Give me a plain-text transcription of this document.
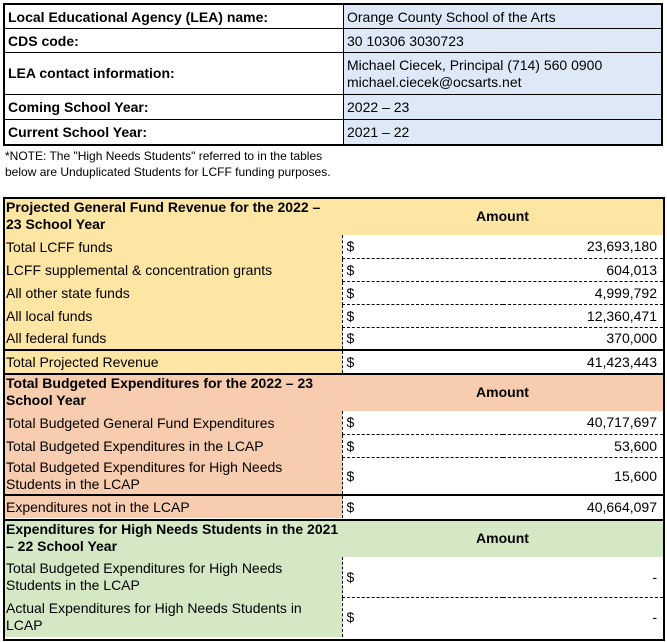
Local Educational Agency (LEA) name:	Orange County School of the Arts
CDS code:	30 10306 3030723
LEA contact information:	Michael Ciecek, Principal (714) 560 0900
michael.ciecek@ocsarts.net

Coming School Year:	2022 – 23
Current School Year:	2021 – 22
*NOTE: The "High Needs Students" referred to in the tables below are Unduplicated Students for LCFF funding purposes.
Projected General Fund Revenue for the 2022 – 23 School Year	Amount	
Total LCFF funds	$	23,693,180
LCFF supplemental & concentration grants	$	604,013
All other state funds	$	4,999,792
All local funds	$	12,360,471
All federal funds	$	370,000
Total Projected Revenue	$	41,423,443
Total Budgeted Expenditures for the 2022 – 23 School Year	Amount	
Total Budgeted General Fund Expenditures	$	40,717,697
Total Budgeted Expenditures in the LCAP	$	53,600
Total Budgeted Expenditures for High Needs Students in the LCAP	$	15,600
Expenditures not in the LCAP	$	40,664,097
Expenditures for High Needs Students in the 2021 – 22 School Year	Amount	
Total Budgeted Expenditures for High Needs Students in the LCAP	$	-
Actual Expenditures for High Needs Students in LCAP	$	-
